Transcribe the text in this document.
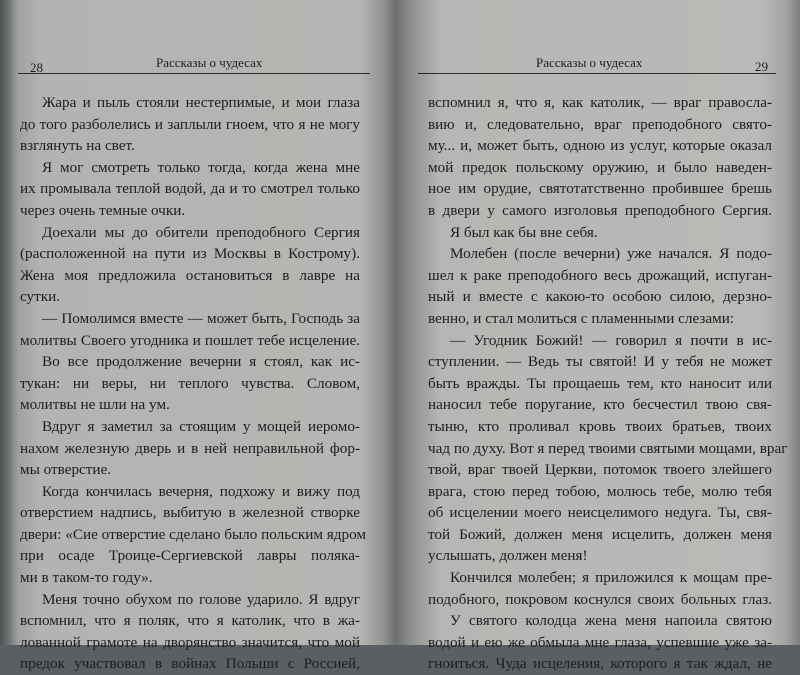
28	Рассказы о чудесах
Жара и пыль стояли нестерпимые, и мои глаза
до того разболелись и заплыли гноем, что я не могу
взглянуть на свет.
Я мог смотреть только тогда, когда жена мне
их промывала теплой водой, да и то смотрел только
через очень темные очки.
Доехали мы до обители преподобного Сергия
(расположенной на пути из Москвы в Кострому).
Жена моя предложила остановиться в лавре на
сутки.
— Помолимся вместе — может быть, Господь за
молитвы Своего угодника и пошлет тебе исцеление.
Во все продолжение вечерни я стоял, как ис-
тукан: ни веры, ни теплого чувства. Словом,
молитвы не шли на ум.
Вдруг я заметил за стоящим у мощей иеромо-
нахом железную дверь и в ней неправильной фор-
мы отверстие.
Когда кончилась вечерня, подхожу и вижу под
отверстием надпись, выбитую в железной створке
двери: «Сие отверстие сделано было польским ядром
при осаде Троице-Сергиевской лавры поляка-
ми в таком-то году».
Меня точно обухом по голове ударило. Я вдруг
вспомнил, что я поляк, что я католик, что в жа-
лованной грамоте на дворянство значится, что мой
предок участвовал в войнах Польши с Россией,
Рассказы о чудесах	29
вспомнил я, что я, как католик, — враг правосла-
вию и, следовательно, враг преподобного свято-
му... и, может быть, одною из услуг, которые оказал
мой предок польскому оружию, и было наведен-
ное им орудие, святотатственно пробившее брешь
в двери у самого изголовья преподобного Сергия.
Я был как бы вне себя.
Молебен (после вечерни) уже начался. Я подо-
шел к раке преподобного весь дрожащий, испуган-
ный и вместе с какою-то особою силою, дерзно-
венно, и стал молиться с пламенными слезами:
— Угодник Божий! — говорил я почти в ис-
ступлении. — Ведь ты святой! И у тебя не может
быть вражды. Ты прощаешь тем, кто наносит или
наносил тебе поругание, кто бесчестил твою свя-
тыню, кто проливал кровь твоих братьев, твоих
чад по духу. Вот я перед твоими святыми мощами, враг
твой, враг твоей Церкви, потомок твоего злейшего
врага, стою перед тобою, молюсь тебе, молю тебя
об исцелении моего неисцелимого недуга. Ты, свя-
той Божий, должен меня исцелить, должен меня
услышать, должен меня!
Кончился молебен; я приложился к мощам пре-
подобного, покровом коснулся своих больных глаз.
У святого колодца жена меня напоила святою
водой и ею же обмыла мне глаза, успевшие уже за-
гноиться. Чуда исцеления, которого я так ждал, не
